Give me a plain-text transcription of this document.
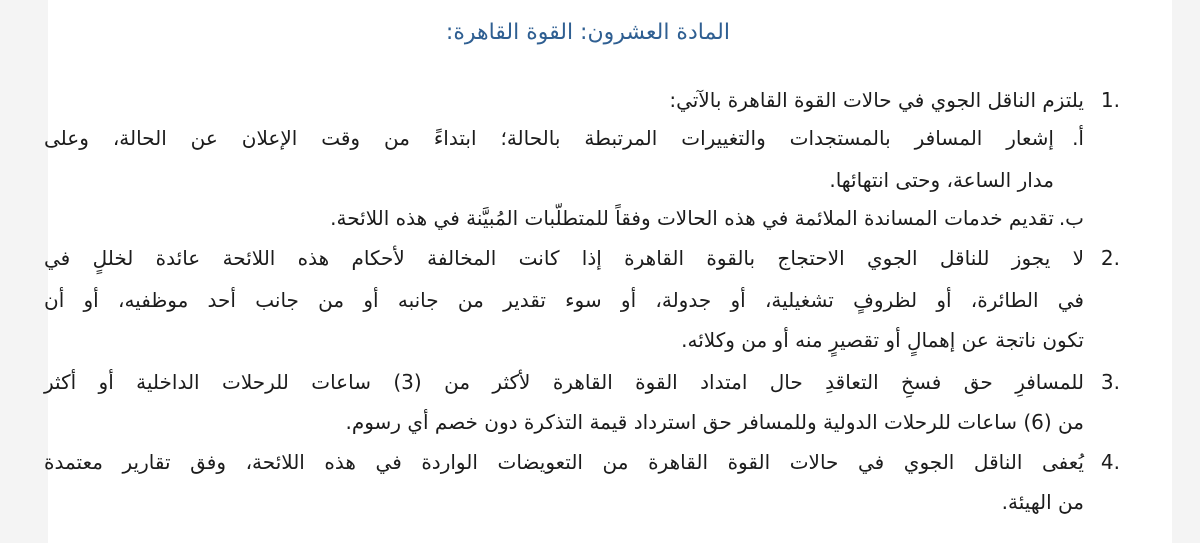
المادة العشرون: القوة القاهرة:
1.
يلتزم الناقل الجوي في حالات القوة القاهرة بالآتي:
أ.
إشعار المسافر بالمستجدات والتغييرات المرتبطة بالحالة؛ ابتداءً من وقت الإعلان عن الحالة، وعلى
مدار الساعة، وحتى انتهائها.
ب.
تقديم خدمات المساندة الملائمة في هذه الحالات وفقاً للمتطلّبات المُبيَّنة في هذه اللائحة.
2.
لا يجوز للناقل الجوي الاحتجاج بالقوة القاهرة إذا كانت المخالفة لأحكام هذه اللائحة عائدة لخللٍ في
في الطائرة، أو لظروفٍ تشغيلية، أو جدولة، أو سوء تقدير من جانبه أو من جانب أحد موظفيه، أو أن
تكون ناتجة عن إهمالٍ أو تقصيرٍ منه أو من وكلائه.
3.
للمسافرِ حق فسخِ التعاقدِ حال امتداد القوة القاهرة لأكثر من (3) ساعات للرحلات الداخلية أو أكثر
من (6) ساعات للرحلات الدولية وللمسافر حق استرداد قيمة التذكرة دون خصم أي رسوم.
4.
يُعفى الناقل الجوي في حالات القوة القاهرة من التعويضات الواردة في هذه اللائحة، وفق تقارير معتمدة
من الهيئة.
